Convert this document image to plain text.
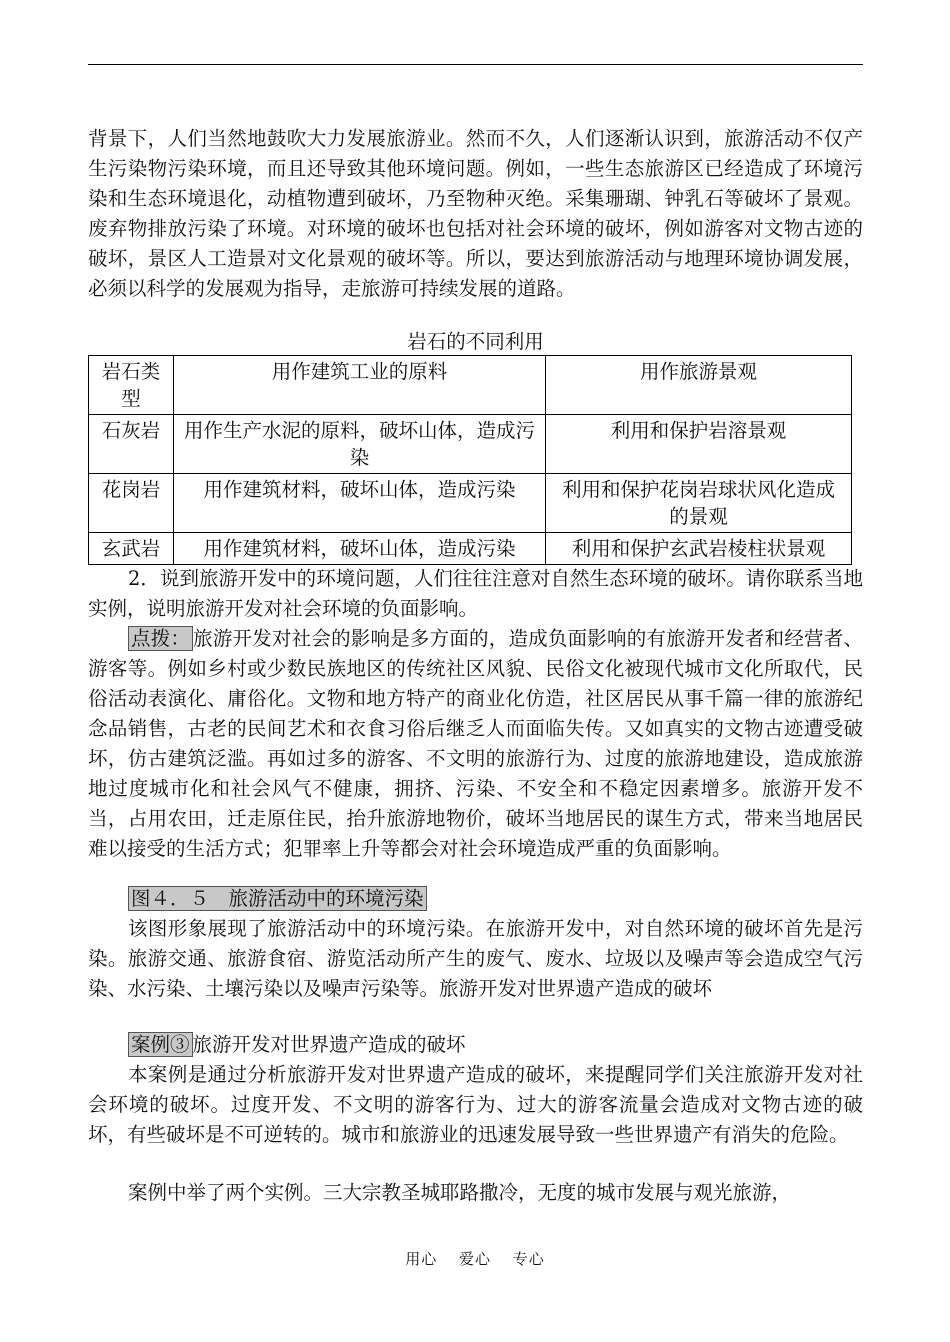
背景下，人们当然地鼓吹大力发展旅游业。然而不久，人们逐渐认识到，旅游活动不仅产生污染物污染环境，而且还导致其他环境问题。例如，一些生态旅游区已经造成了环境污染和生态环境退化，动植物遭到破坏，乃至物种灭绝。采集珊瑚、钟乳石等破坏了景观。废弃物排放污染了环境。对环境的破坏也包括对社会环境的破坏，例如游客对文物古迹的破坏，景区人工造景对文化景观的破坏等。所以，要达到旅游活动与地理环境协调发展，必须以科学的发展观为指导，走旅游可持续发展的道路。

岩石的不同利用
岩石类型	用作建筑工业的原料	用作旅游景观
石灰岩	用作生产水泥的原料，破坏山体，造成污染	利用和保护岩溶景观
花岗岩	用作建筑材料，破坏山体，造成污染	利用和保护花岗岩球状风化造成的景观
玄武岩	用作建筑材料，破坏山体，造成污染	利用和保护玄武岩棱柱状景观

2．说到旅游开发中的环境问题，人们往往注意对自然生态环境的破坏。请你联系当地实例，说明旅游开发对社会环境的负面影响。

点拨： 旅游开发对社会的影响是多方面的，造成负面影响的有旅游开发者和经营者、游客等。例如乡村或少数民族地区的传统社区风貌、民俗文化被现代城市文化所取代，民俗活动表演化、庸俗化。文物和地方特产的商业化仿造，社区居民从事千篇一律的旅游纪念品销售，古老的民间艺术和衣食习俗后继乏人而面临失传。又如真实的文物古迹遭受破坏，仿古建筑泛滥。再如过多的游客、不文明的旅游行为、过度的旅游地建设，造成旅游地过度城市化和社会风气不健康，拥挤、污染、不安全和不稳定因素增多。旅游开发不当，占用农田，迁走原住民，抬升旅游地物价，破坏当地居民的谋生方式，带来当地居民难以接受的生活方式；犯罪率上升等都会对社会环境造成严重的负面影响。

图４．５　旅游活动中的环境污染

该图形象展现了旅游活动中的环境污染。在旅游开发中，对自然环境的破坏首先是污染。旅游交通、旅游食宿、游览活动所产生的废气、废水、垃圾以及噪声等会造成空气污染、水污染、土壤污染以及噪声污染等。旅游开发对世界遗产造成的破坏

案例③ 旅游开发对世界遗产造成的破坏

本案例是通过分析旅游开发对世界遗产造成的破坏，来提醒同学们关注旅游开发对社会环境的破坏。过度开发、不文明的游客行为、过大的游客流量会造成对文物古迹的破坏，有些破坏是不可逆转的。城市和旅游业的迅速发展导致一些世界遗产有消失的危险。

案例中举了两个实例。三大宗教圣城耶路撒冷，无度的城市发展与观光旅游，

用心 爱心 专心
